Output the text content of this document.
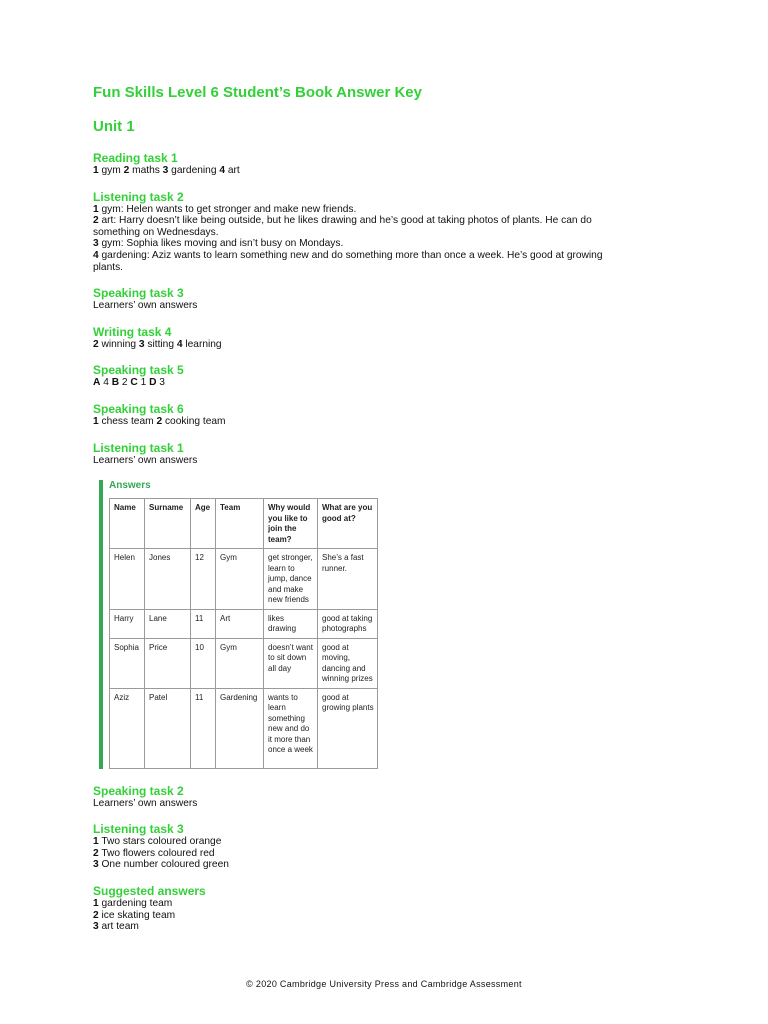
Fun Skills Level 6 Student’s Book Answer Key
Unit 1
Reading task 1
1 gym 2 maths 3 gardening 4 art
Listening task 2
1 gym: Helen wants to get stronger and make new friends.
2 art: Harry doesn’t like being outside, but he likes drawing and he’s good at taking photos of plants. He can do
something on Wednesdays.
3 gym: Sophia likes moving and isn’t busy on Mondays.
4 gardening: Aziz wants to learn something new and do something more than once a week. He’s good at growing
plants.
Speaking task 3
Learners’ own answers
Writing task 4
2 winning 3 sitting 4 learning
Speaking task 5
A 4 B 2 C 1 D 3
Speaking task 6
1 chess team 2 cooking team
Listening task 1
Learners’ own answers
Answers
Name	Surname	Age	Team	Why would you like to join the team?	What are you good at?
Helen	Jones	12	Gym	get stronger, learn to jump, dance and make new friends	She’s a fast runner.
Harry	Lane	11	Art	likes drawing	good at taking photographs
Sophia	Price	10	Gym	doesn’t want to sit down all day	good at moving, dancing and winning prizes
Aziz	Patel	11	Gardening	wants to learn something new and do it more than once a week	good at growing plants
Speaking task 2
Learners’ own answers
Listening task 3
1 Two stars coloured orange
2 Two flowers coloured red
3 One number coloured green
Suggested answers
1 gardening team
2 ice skating team
3 art team
© 2020 Cambridge University Press and Cambridge Assessment
